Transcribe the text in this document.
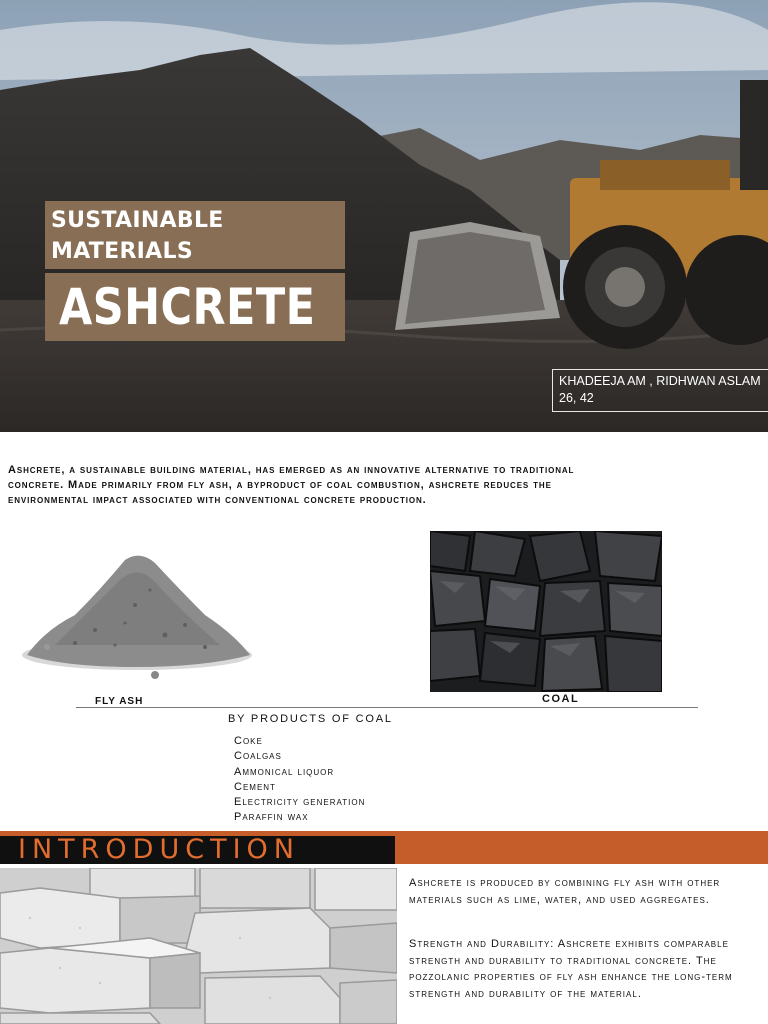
SUSTAINABLE
MATERIALS
ASHCRETE
KHADEEJA AM , RIDHWAN ASLAM
26, 42

Ashcrete, a sustainable building material, has emerged as an innovative alternative to traditional concrete. Made primarily from fly ash, a byproduct of coal combustion, ashcrete reduces the environmental impact associated with conventional concrete production.

FLY ASH	COAL
BY PRODUCTS OF COAL
Coke
Coalgas
Ammonical liquor
Cement
Electricity generation
Paraffin wax
INTRODUCTION

Ashcrete is produced by combining fly ash with other materials such as lime, water, and used aggregates.

Strength and Durability: Ashcrete exhibits comparable strength and durability to traditional concrete. The pozzolanic properties of fly ash enhance the long-term strength and durability of the material.
